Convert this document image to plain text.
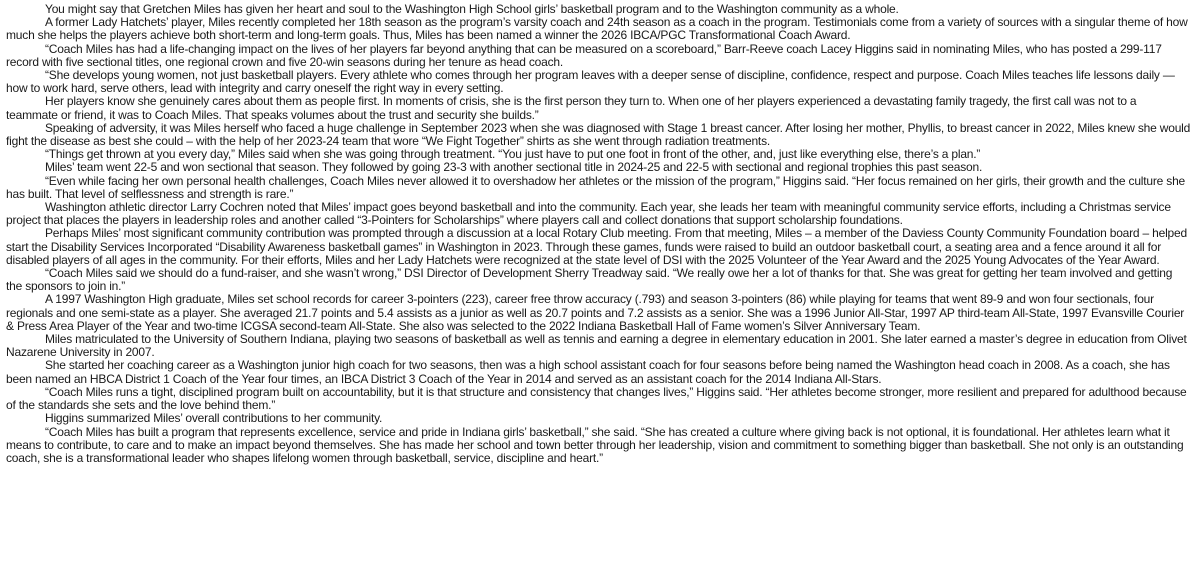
You might say that Gretchen Miles has given her heart and soul to the Washington High School girls’ basketball program and to the Washington community as a whole.

A former Lady Hatchets’ player, Miles recently completed her 18th season as the program’s varsity coach and 24th season as a coach in the program. Testimonials come from a variety of sources with a singular theme of how much she helps the players achieve both short-term and long-term goals. Thus, Miles has been named a winner the 2026 IBCA/PGC Transformational Coach Award.

“Coach Miles has had a life-changing impact on the lives of her players far beyond anything that can be measured on a scoreboard,” Barr-Reeve coach Lacey Higgins said in nominating Miles, who has posted a 299-117 record with five sectional titles, one regional crown and five 20-win seasons during her tenure as head coach.

“She develops young women, not just basketball players. Every athlete who comes through her program leaves with a deeper sense of discipline, confidence, respect and purpose. Coach Miles teaches life lessons daily — how to work hard, serve others, lead with integrity and carry oneself the right way in every setting.

Her players know she genuinely cares about them as people first. In moments of crisis, she is the first person they turn to. When one of her players experienced a devastating family tragedy, the first call was not to a teammate or friend, it was to Coach Miles. That speaks volumes about the trust and security she builds.”

Speaking of adversity, it was Miles herself who faced a huge challenge in September 2023 when she was diagnosed with Stage 1 breast cancer. After losing her mother, Phyllis, to breast cancer in 2022, Miles knew she would fight the disease as best she could – with the help of her 2023-24 team that wore “We Fight Together” shirts as she went through radiation treatments.

“Things get thrown at you every day,” Miles said when she was going through treatment. “You just have to put one foot in front of the other, and, just like everything else, there’s a plan.”

Miles’ team went 22-5 and won sectional that season. They followed by going 23-3 with another sectional title in 2024-25 and 22-5 with sectional and regional trophies this past season.

“Even while facing her own personal health challenges, Coach Miles never allowed it to overshadow her athletes or the mission of the program,” Higgins said. “Her focus remained on her girls, their growth and the culture she has built. That level of selflessness and strength is rare.”

Washington athletic director Larry Cochren noted that Miles’ impact goes beyond basketball and into the community. Each year, she leads her team with meaningful community service efforts, including a Christmas service project that places the players in leadership roles and another called “3-Pointers for Scholarships” where players call and collect donations that support scholarship foundations.

Perhaps Miles’ most significant community contribution was prompted through a discussion at a local Rotary Club meeting. From that meeting, Miles – a member of the Daviess County Community Foundation board – helped start the Disability Services Incorporated “Disability Awareness basketball games” in Washington in 2023. Through these games, funds were raised to build an outdoor basketball court, a seating area and a fence around it all for disabled players of all ages in the community. For their efforts, Miles and her Lady Hatchets were recognized at the state level of DSI with the 2025 Volunteer of the Year Award and the 2025 Young Advocates of the Year Award.

“Coach Miles said we should do a fund-raiser, and she wasn’t wrong,” DSI Director of Development Sherry Treadway said. “We really owe her a lot of thanks for that. She was great for getting her team involved and getting the sponsors to join in.”

A 1997 Washington High graduate, Miles set school records for career 3-pointers (223), career free throw accuracy (.793) and season 3-pointers (86) while playing for teams that went 89-9 and won four sectionals, four regionals and one semi-state as a player. She averaged 21.7 points and 5.4 assists as a junior as well as 20.7 points and 7.2 assists as a senior. She was a 1996 Junior All-Star, 1997 AP third-team All-State, 1997 Evansville Courier & Press Area Player of the Year and two-time ICGSA second-team All-State. She also was selected to the 2022 Indiana Basketball Hall of Fame women’s Silver Anniversary Team.

Miles matriculated to the University of Southern Indiana, playing two seasons of basketball as well as tennis and earning a degree in elementary education in 2001. She later earned a master’s degree in education from Olivet Nazarene University in 2007.

She started her coaching career as a Washington junior high coach for two seasons, then was a high school assistant coach for four seasons before being named the Washington head coach in 2008. As a coach, she has been named an HBCA District 1 Coach of the Year four times, an IBCA District 3 Coach of the Year in 2014 and served as an assistant coach for the 2014 Indiana All-Stars.

“Coach Miles runs a tight, disciplined program built on accountability, but it is that structure and consistency that changes lives,” Higgins said. “Her athletes become stronger, more resilient and prepared for adulthood because of the standards she sets and the love behind them.”

Higgins summarized Miles’ overall contributions to her community.

“Coach Miles has built a program that represents excellence, service and pride in Indiana girls’ basketball,” she said. “She has created a culture where giving back is not optional, it is foundational. Her athletes learn what it means to contribute, to care and to make an impact beyond themselves. She has made her school and town better through her leadership, vision and commitment to something bigger than basketball. She not only is an outstanding coach, she is a transformational leader who shapes lifelong women through basketball, service, discipline and heart.”
